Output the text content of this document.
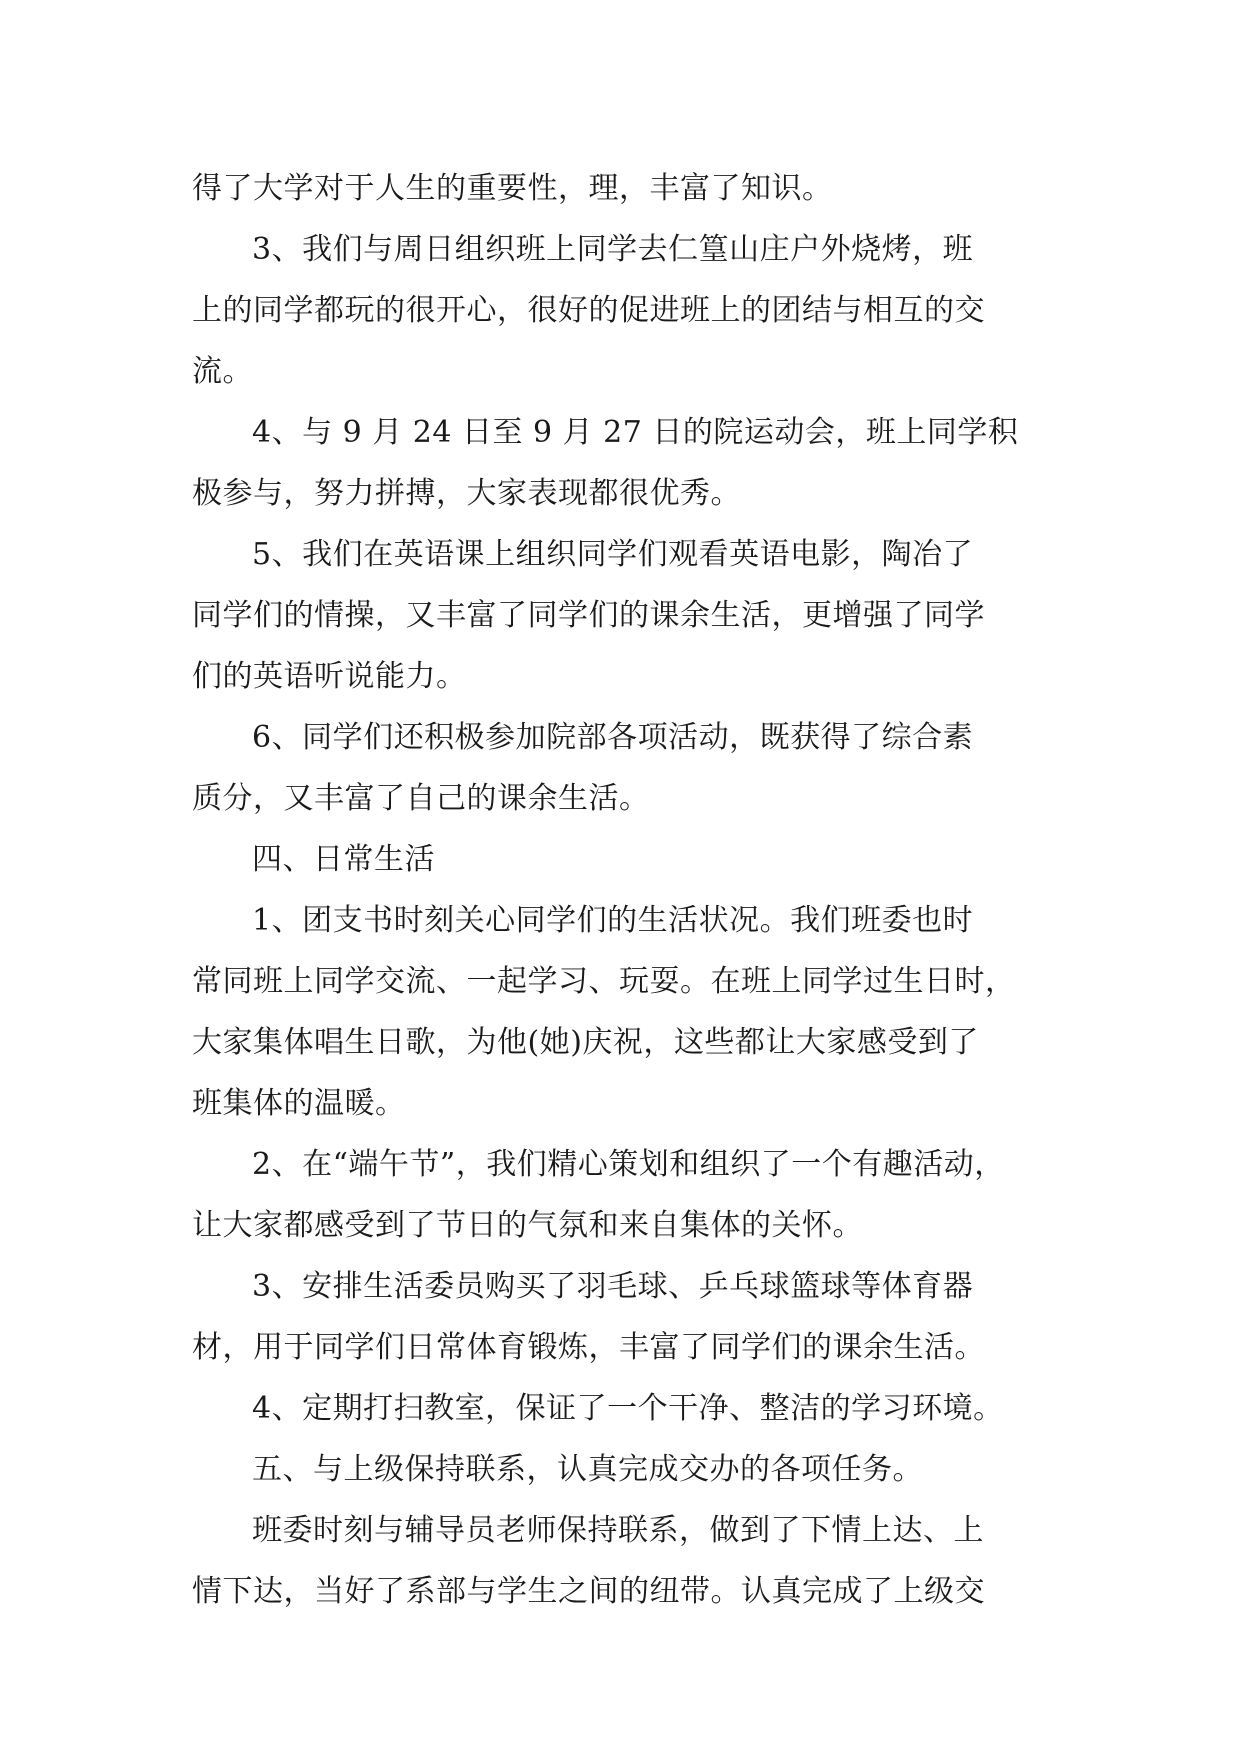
得了大学对于人生的重要性，理，丰富了知识。
3、我们与周日组织班上同学去仁篁山庄户外烧烤，班
上的同学都玩的很开心，很好的促进班上的团结与相互的交
流。
4、与 9 月 24 日至 9 月 27 日的院运动会，班上同学积
极参与，努力拼搏，大家表现都很优秀。
5、我们在英语课上组织同学们观看英语电影，陶冶了
同学们的情操，又丰富了同学们的课余生活，更增强了同学
们的英语听说能力。
6、同学们还积极参加院部各项活动，既获得了综合素
质分，又丰富了自己的课余生活。
四、日常生活
1、团支书时刻关心同学们的生活状况。我们班委也时
常同班上同学交流、一起学习、玩耍。在班上同学过生日时，
大家集体唱生日歌，为他(她)庆祝，这些都让大家感受到了
班集体的温暖。
2、在“端午节”，我们精心策划和组织了一个有趣活动，
让大家都感受到了节日的气氛和来自集体的关怀。
3、安排生活委员购买了羽毛球、乒乓球篮球等体育器
材，用于同学们日常体育锻炼，丰富了同学们的课余生活。
4、定期打扫教室，保证了一个干净、整洁的学习环境。
五、与上级保持联系，认真完成交办的各项任务。
班委时刻与辅导员老师保持联系，做到了下情上达、上
情下达，当好了系部与学生之间的纽带。认真完成了上级交
